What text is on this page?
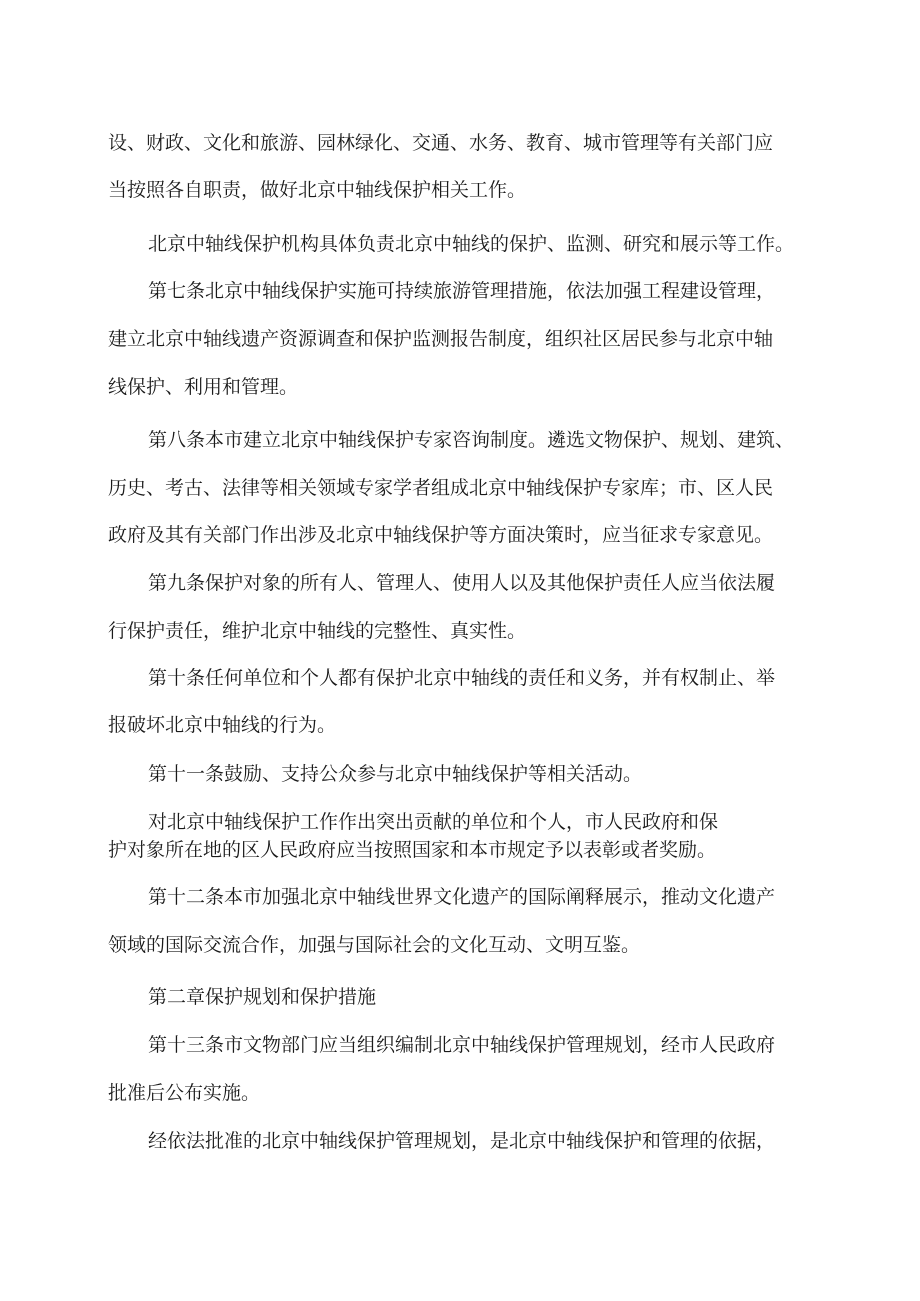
设、财政、文化和旅游、园林绿化、交通、水务、教育、城市管理等有关部门应
当按照各自职责，做好北京中轴线保护相关工作。
北京中轴线保护机构具体负责北京中轴线的保护、监测、研究和展示等工作。
第七条北京中轴线保护实施可持续旅游管理措施，依法加强工程建设管理，
建立北京中轴线遗产资源调查和保护监测报告制度，组织社区居民参与北京中轴
线保护、利用和管理。
第八条本市建立北京中轴线保护专家咨询制度。遴选文物保护、规划、建筑、
历史、考古、法律等相关领域专家学者组成北京中轴线保护专家库；市、区人民
政府及其有关部门作出涉及北京中轴线保护等方面决策时，应当征求专家意见。
第九条保护对象的所有人、管理人、使用人以及其他保护责任人应当依法履
行保护责任，维护北京中轴线的完整性、真实性。
第十条任何单位和个人都有保护北京中轴线的责任和义务，并有权制止、举
报破坏北京中轴线的行为。
第十一条鼓励、支持公众参与北京中轴线保护等相关活动。
对北京中轴线保护工作作出突出贡献的单位和个人，市人民政府和保
护对象所在地的区人民政府应当按照国家和本市规定予以表彰或者奖励。
第十二条本市加强北京中轴线世界文化遗产的国际阐释展示，推动文化遗产
领域的国际交流合作，加强与国际社会的文化互动、文明互鉴。
第二章保护规划和保护措施
第十三条市文物部门应当组织编制北京中轴线保护管理规划，经市人民政府
批准后公布实施。
经依法批准的北京中轴线保护管理规划，是北京中轴线保护和管理的依据，
